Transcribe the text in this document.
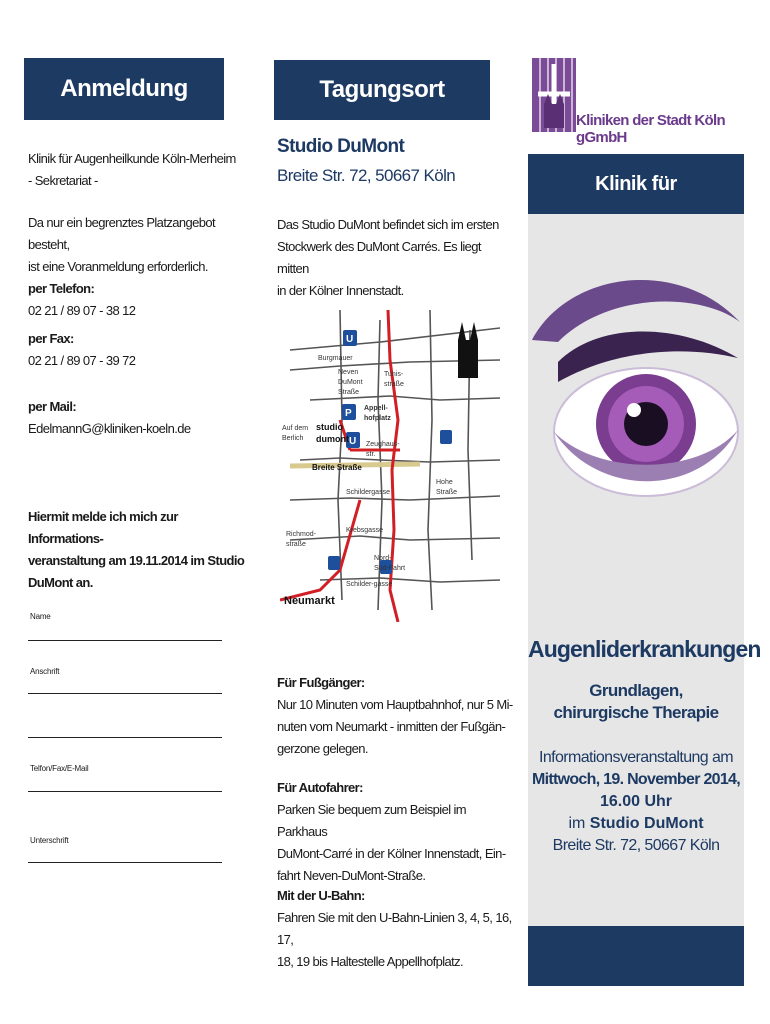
Anmeldung
Klinik für Augenheilkunde Köln-Merheim
- Sekretariat -
Da nur ein begrenztes Platzangebot besteht,
ist eine Voranmeldung erforderlich.
per Telefon:
02 21 / 89 07 - 38 12
per Fax:
02 21 / 89 07 - 39 72
per Mail:
EdelmannG@kliniken-koeln.de
Hiermit melde ich mich zur Informations-
veranstaltung am 19.11.2014 im Studio
DuMont an.
Name
Anschrift
Telfon/Fax/E-Mail
Unterschrift
Tagungsort
Studio DuMont
Breite Str. 72, 50667 Köln
Das Studio DuMont befindet sich im ersten
Stockwerk des DuMont Carrés. Es liegt mitten
in der Kölner Innenstadt.
U
U
P
Burgmauer
Neven
DuMont
Straße
Tunis-
straße
Appell-
hofplatz
Auf dem
Berlich
Zeughaus-
str.
Schildergasse
Krebsgasse
Richmod-
straße
Nord-
Süd-Fahrt
Hohe
Straße
Schilder-gasse
studio
dumont
Breite Straße
Neumarkt
Für Fußgänger:
Nur 10 Minuten vom Hauptbahnhof, nur 5 Mi-
nuten vom Neumarkt - inmitten der Fußgän-
gerzone gelegen.
Für Autofahrer:
Parken Sie bequem zum Beispiel im Parkhaus
DuMont-Carré in der Kölner Innenstadt, Ein-
fahrt Neven-DuMont-Straße.
Mit der U-Bahn:
Fahren Sie mit den U-Bahn-Linien 3, 4, 5, 16, 17,
18, 19 bis Haltestelle Appellhofplatz.
Kliniken der Stadt Köln gGmbH
Klinik für
Augenliderkrankungen
Grundlagen,
chirurgische Therapie
Informationsveranstaltung am
Mittwoch, 19. November 2014,
16.00 Uhr
im Studio DuMont
Breite Str. 72, 50667 Köln
